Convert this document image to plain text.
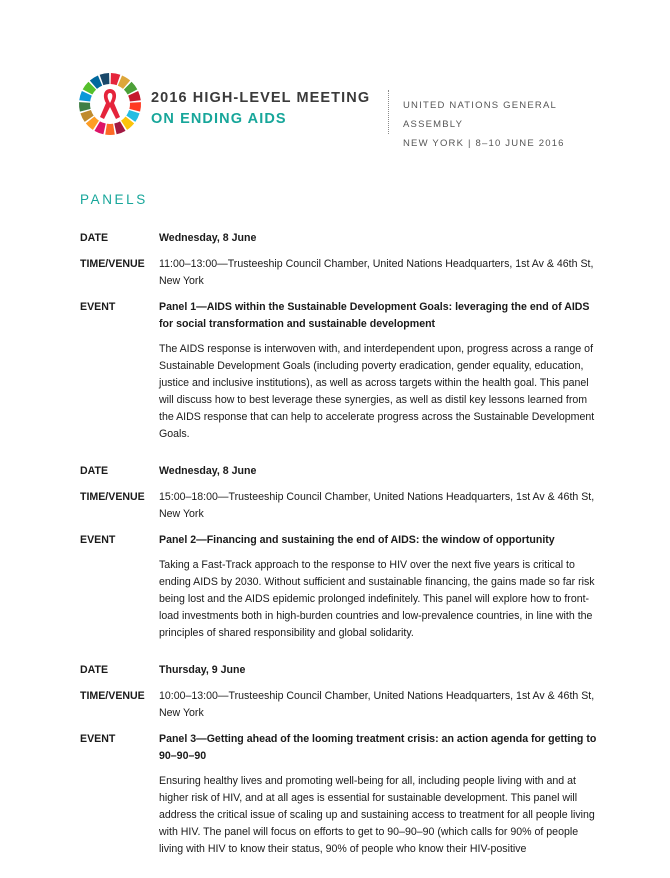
2016 HIGH-LEVEL MEETING
ON ENDING AIDS
UNITED NATIONS GENERAL ASSEMBLY
NEW YORK | 8–10 JUNE 2016
PANELS
DATE	Wednesday, 8 June
TIME/VENUE	11:00–13:00—Trusteeship Council Chamber, United Nations Headquarters, 1st Av & 46th St, New York
EVENT	Panel 1—AIDS within the Sustainable Development Goals: leveraging the end of AIDS for social transformation and sustainable development
The AIDS response is interwoven with, and interdependent upon, progress across a range of Sustainable Development Goals (including poverty eradication, gender equality, education, justice and inclusive institutions), as well as across targets within the health goal. This panel will discuss how to best leverage these synergies, as well as distil key lessons learned from the AIDS response that can help to accelerate progress across the Sustainable Development Goals.
DATE	Wednesday, 8 June
TIME/VENUE	15:00–18:00—Trusteeship Council Chamber, United Nations Headquarters, 1st Av & 46th St, New York
EVENT	Panel 2—Financing and sustaining the end of AIDS: the window of opportunity
Taking a Fast-Track approach to the response to HIV over the next five years is critical to ending AIDS by 2030. Without sufficient and sustainable financing, the gains made so far risk being lost and the AIDS epidemic prolonged indefinitely. This panel will explore how to front-load investments both in high-burden countries and low-prevalence countries, in line with the principles of shared responsibility and global solidarity.
DATE	Thursday, 9 June
TIME/VENUE	10:00–13:00—Trusteeship Council Chamber, United Nations Headquarters, 1st Av & 46th St, New York
EVENT	Panel 3—Getting ahead of the looming treatment crisis: an action agenda for getting to 90–90–90
Ensuring healthy lives and promoting well-being for all, including people living with and at higher risk of HIV, and at all ages is essential for sustainable development. This panel will address the critical issue of scaling up and sustaining access to treatment for all people living with HIV. The panel will focus on efforts to get to 90–90–90 (which calls for 90% of people living with HIV to know their status, 90% of people who know their HIV-positive
